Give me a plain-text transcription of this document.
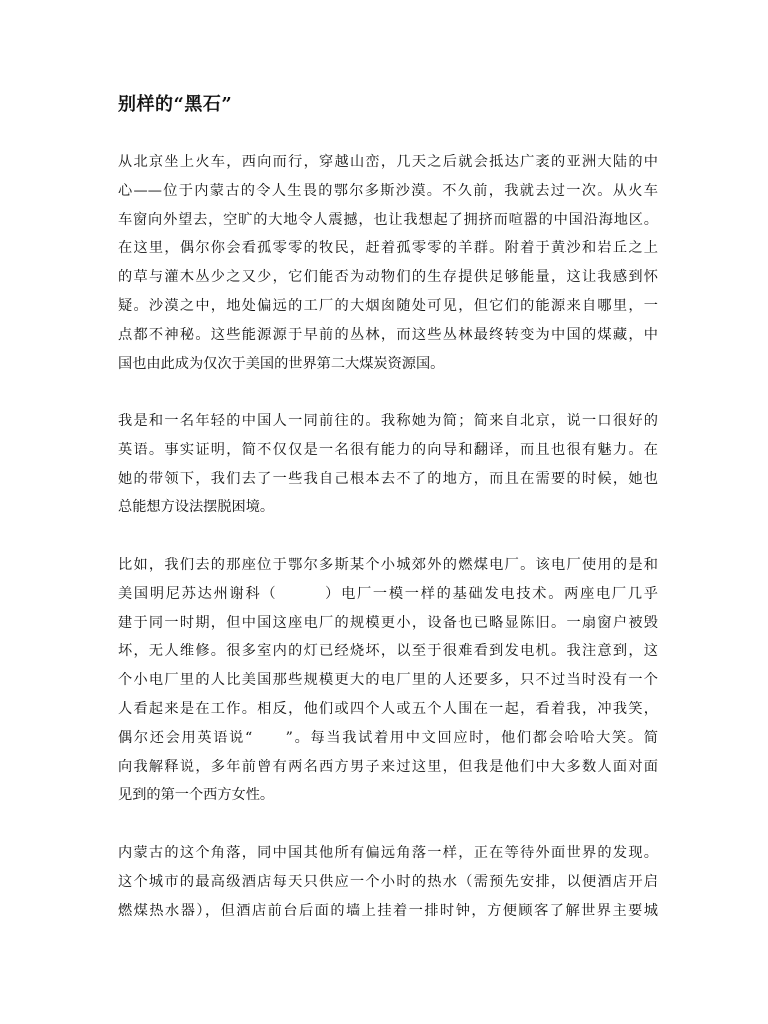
别样的“黑石”
从北京坐上火车，西向而行，穿越山峦，几天之后就会抵达广袤的亚洲大陆的中
心——位于内蒙古的令人生畏的鄂尔多斯沙漠。不久前，我就去过一次。从火车
车窗向外望去，空旷的大地令人震撼，也让我想起了拥挤而喧嚣的中国沿海地区。
在这里，偶尔你会看孤零零的牧民，赶着孤零零的羊群。附着于黄沙和岩丘之上
的草与灌木丛少之又少，它们能否为动物们的生存提供足够能量，这让我感到怀
疑。沙漠之中，地处偏远的工厂的大烟囱随处可见，但它们的能源来自哪里，一
点都不神秘。这些能源源于早前的丛林，而这些丛林最终转变为中国的煤藏，中
国也由此成为仅次于美国的世界第二大煤炭资源国。
我是和一名年轻的中国人一同前往的。我称她为简；简来自北京，说一口很好的
英语。事实证明，简不仅仅是一名很有能力的向导和翻译，而且也很有魅力。在
她的带领下，我们去了一些我自己根本去不了的地方，而且在需要的时候，她也
总能想方设法摆脱困境。
比如，我们去的那座位于鄂尔多斯某个小城郊外的燃煤电厂。该电厂使用的是和
美国明尼苏达州谢科（　　　）电厂一模一样的基础发电技术。两座电厂几乎
建于同一时期，但中国这座电厂的规模更小，设备也已略显陈旧。一扇窗户被毁
坏，无人维修。很多室内的灯已经烧坏，以至于很难看到发电机。我注意到，这
个小电厂里的人比美国那些规模更大的电厂里的人还要多，只不过当时没有一个
人看起来是在工作。相反，他们或四个人或五个人围在一起，看着我，冲我笑，
偶尔还会用英语说“　　”。每当我试着用中文回应时，他们都会哈哈大笑。简
向我解释说，多年前曾有两名西方男子来过这里，但我是他们中大多数人面对面
见到的第一个西方女性。
内蒙古的这个角落，同中国其他所有偏远角落一样，正在等待外面世界的发现。
这个城市的最高级酒店每天只供应一个小时的热水（需预先安排，以便酒店开启
燃煤热水器），但酒店前台后面的墙上挂着一排时钟，方便顾客了解世界主要城
